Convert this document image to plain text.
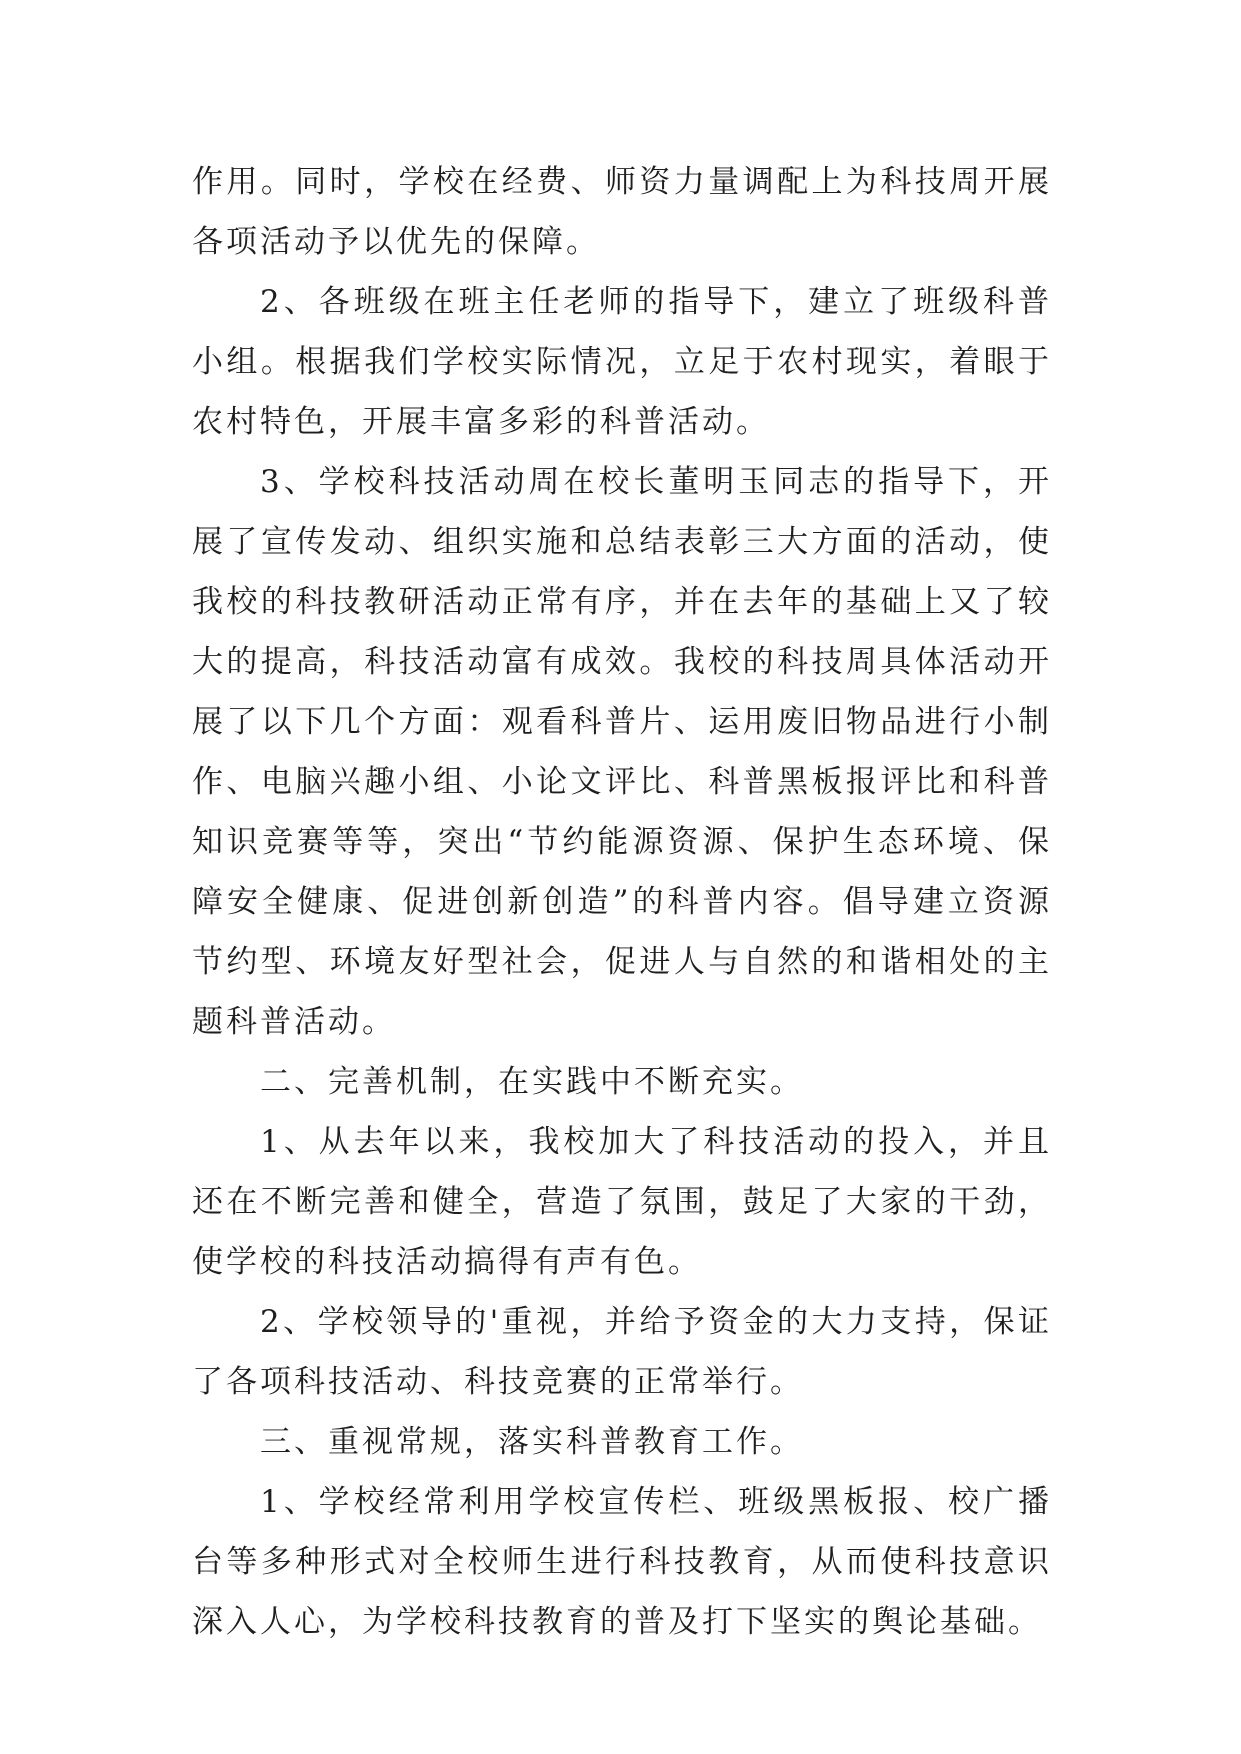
作用。同时，学校在经费、师资力量调配上为科技周开展各项活动予以优先的保障。

2、各班级在班主任老师的指导下，建立了班级科普小组。根据我们学校实际情况，立足于农村现实，着眼于农村特色，开展丰富多彩的科普活动。

3、学校科技活动周在校长董明玉同志的指导下，开展了宣传发动、组织实施和总结表彰三大方面的活动，使我校的科技教研活动正常有序，并在去年的基础上又了较大的提高，科技活动富有成效。我校的科技周具体活动开展了以下几个方面：观看科普片、运用废旧物品进行小制作、电脑兴趣小组、小论文评比、科普黑板报评比和科普知识竞赛等等，突出“节约能源资源、保护生态环境、保障安全健康、促进创新创造”的科普内容。倡导建立资源节约型、环境友好型社会，促进人与自然的和谐相处的主题科普活动。

二、完善机制，在实践中不断充实。

1、从去年以来，我校加大了科技活动的投入，并且还在不断完善和健全，营造了氛围，鼓足了大家的干劲，使学校的科技活动搞得有声有色。

2、学校领导的'重视，并给予资金的大力支持，保证了各项科技活动、科技竞赛的正常举行。

三、重视常规，落实科普教育工作。

1、学校经常利用学校宣传栏、班级黑板报、校广播台等多种形式对全校师生进行科技教育，从而使科技意识深入人心，为学校科技教育的普及打下坚实的舆论基础。
